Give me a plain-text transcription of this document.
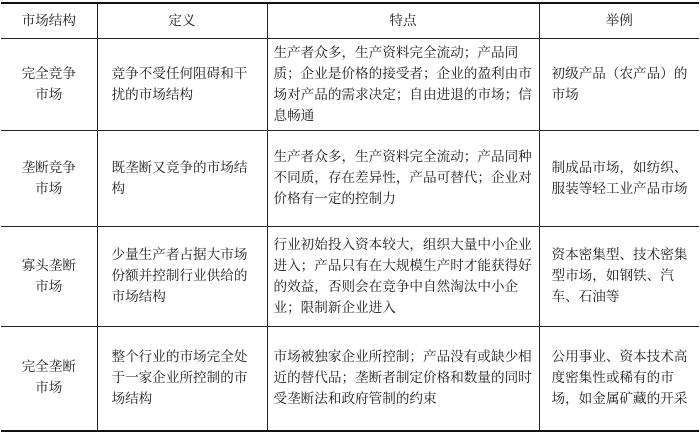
市场结构	定义	特点	举例
完全竞争市场	竞争不受任何阻碍和干扰的市场结构	生产者众多，生产资料完全流动；产品同质；企业是价格的接受者；企业的盈利由市场对产品的需求决定；自由进退的市场；信息畅通	初级产品（农产品）的市场
垄断竞争市场	既垄断又竞争的市场结构	生产者众多，生产资料完全流动；产品同种不同质，存在差异性，产品可替代；企业对价格有一定的控制力	制成品市场，如纺织、服装等轻工业产品市场
寡头垄断市场	少量生产者占据大市场份额并控制行业供给的市场结构	行业初始投入资本较大，组织大量中小企业进入；产品只有在大规模生产时才能获得好的效益，否则会在竞争中自然淘汰中小企业；限制新企业进入	资本密集型、技术密集型市场，如钢铁、汽车、石油等
完全垄断市场	整个行业的市场完全处于一家企业所控制的市场结构	市场被独家企业所控制；产品没有或缺少相近的替代品；垄断者制定价格和数量的同时受垄断法和政府管制的约束	公用事业、资本技术高度密集性或稀有的市场，如金属矿藏的开采
